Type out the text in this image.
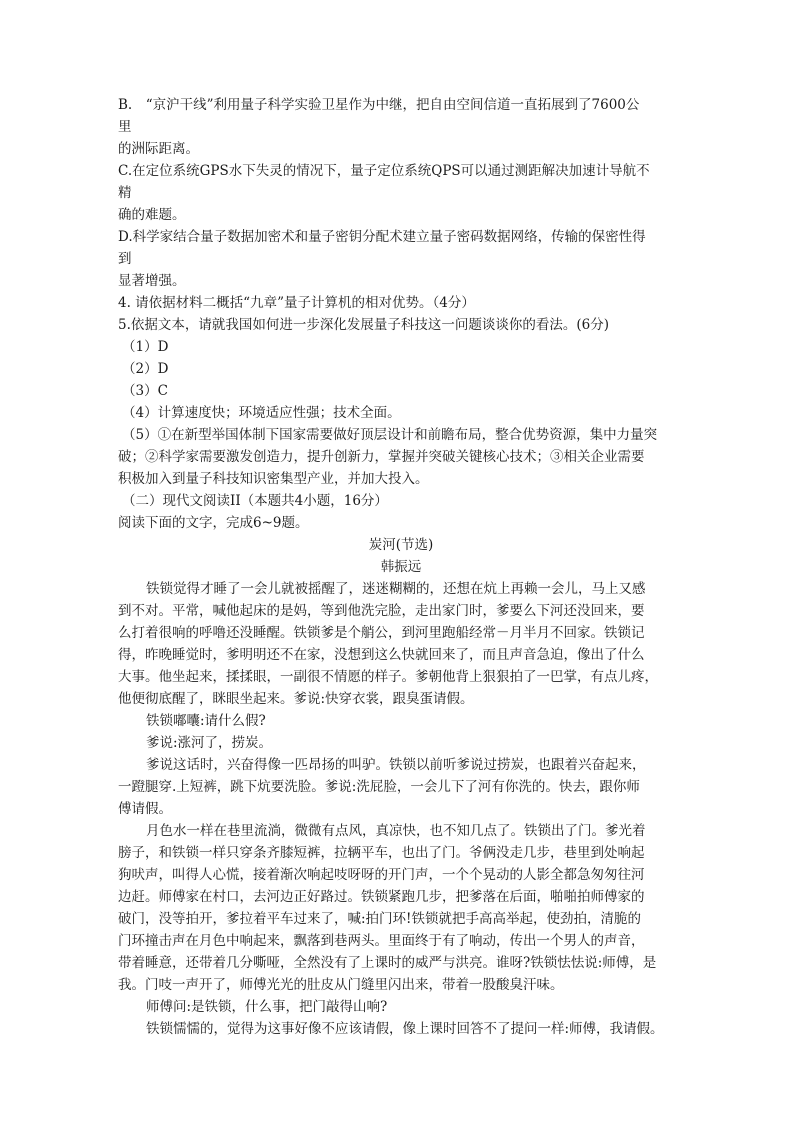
B.　“京沪干线”利用量子科学实验卫星作为中继，把自由空间信道一直拓展到了7600公
里
的洲际距离。
C.在定位系统GPS水下失灵的情况下，量子定位系统QPS可以通过测距解决加速计导航不
精
确的难题。
D.科学家结合量子数据加密术和量子密钥分配术建立量子密码数据网络，传输的保密性得
到
显著增强。
4. 请依据材料二概括“九章”量子计算机的相对优势。（4分）
5.依据文本，请就我国如何进一步深化发展量子科技这一问题谈谈你的看法。(6分)
（1）D
（2）D
（3）C
（4）计算速度快；环境适应性强；技术全面。
（5）①在新型举国体制下国家需要做好顶层设计和前瞻布局，整合优势资源，集中力量突
破；②科学家需要激发创造力，提升创新力，掌握并突破关键核心技术；③相关企业需要
积极加入到量子科技知识密集型产业，并加大投入。
（二）现代文阅读II（本题共4小题，16分）
阅读下面的文字，完成6~9题。
炭河(节选)
韩振远
铁锁觉得才睡了一会儿就被摇醒了，迷迷糊糊的，还想在炕上再赖一会儿，马上又感
到不对。平常，喊他起床的是妈，等到他洗完脸，走出家门时，爹要么下河还没回来，要
么打着很响的呼噜还没睡醒。铁锁爹是个艄公，到河里跑船经常－月半月不回家。铁锁记
得，昨晚睡觉时，爹明明还不在家，没想到这么快就回来了，而且声音急迫，像出了什么
大事。他坐起来，揉揉眼，一副很不情愿的样子。爹朝他背上狠狠拍了一巴掌，有点儿疼，
他便彻底醒了，眯眼坐起来。爹说:快穿衣裳，跟臭蛋请假。
铁锁嘟囔:请什么假?
爹说:涨河了，捞炭。
爹说这话时，兴奋得像一匹昂扬的叫驴。铁锁以前听爹说过捞炭，也跟着兴奋起来，
一蹬腿穿.上短裤，跳下炕要洗脸。爹说:洗屁脸，一会儿下了河有你洗的。快去，跟你师
傅请假。
月色水一样在巷里流淌，微微有点风，真凉快，也不知几点了。铁锁出了门。爹光着
膀子，和铁锁一样只穿条齐膝短裤，拉辆平车，也出了门。爷俩没走几步，巷里到处响起
狗吠声，叫得人心慌，接着渐次响起吱呀呀的开门声，一个个晃动的人影全都急匆匆往河
边赶。师傅家在村口，去河边正好路过。铁锁紧跑几步，把爹落在后面，啪啪拍师傅家的
破门，没等拍开，爹拉着平车过来了，喊:拍门环!铁锁就把手高高举起，使劲拍，清脆的
门环撞击声在月色中响起来，飘落到巷两头。里面终于有了响动，传出一个男人的声音，
带着睡意，还带着几分嘶哑，全然没有了上课时的威严与洪亮。谁呀?铁锁怯怯说:师傅，是
我。门吱一声开了，师傅光光的肚皮从门缝里闪出来，带着一股酸臭汗味。
师傅问:是铁锁，什么事，把门敲得山响?
铁锁懦懦的，觉得为这事好像不应该请假，像上课时回答不了提问一样:师傅，我请假。
